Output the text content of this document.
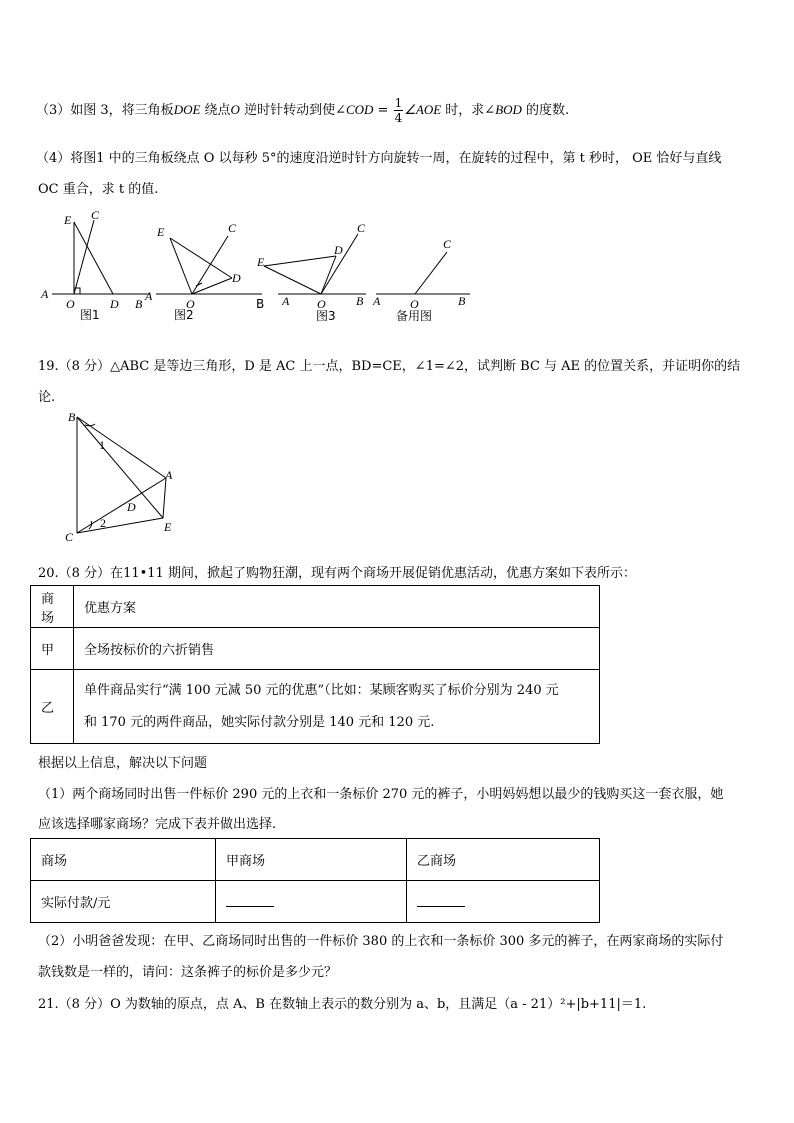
（3）如图 3，将三角板DOE 绕点O 逆时针转动到使∠COD = $\frac{1}{4}$ ∠AOE 时，求∠BOD 的度数.
（4）将图1 中的三角板绕点 O 以每秒 5°的速度沿逆时针方向旋转一周，在旋转的过程中，第 t 秒时， OE 恰好与直线
OC 重合，求 t 的值.
E C
A
O	D B
图1
E	C
D
A
O	B
图2
C
D
E
A O	B
图3
C
A O	B
备用图
19.（8 分）△ABC 是等边三角形，D 是 AC 上一点，BD=CE，∠1=∠2，试判断 BC 与 AE 的位置关系，并证明你的结
论.
B
1
A
D
C
2	E
20.（8 分）在11•11 期间，掀起了购物狂潮，现有两个商场开展促销优惠活动，优惠方案如下表所示：
商场	优惠方案
甲	全场按标价的六折销售
乙	单件商品实行“满 100 元减 50 元的优惠”（比如：某顾客购买了标价分别为 240 元
和 170 元的两件商品，她实际付款分别是 140 元和 120 元.
根据以上信息，解决以下问题
（1）两个商场同时出售一件标价 290 元的上衣和一条标价 270 元的裤子，小明妈妈想以最少的钱购买这一套衣服，她
应该选择哪家商场？完成下表并做出选择.
商场	甲商场	乙商场
实际付款/元		
（2）小明爸爸发现：在甲、乙商场同时出售的一件标价 380 的上衣和一条标价 300 多元的裤子，在两家商场的实际付
款钱数是一样的，请问：这条裤子的标价是多少元？
21.（8 分）O 为数轴的原点，点 A、B 在数轴上表示的数分别为 a、b，且满足（a - 21）²+|b+11|＝1.
